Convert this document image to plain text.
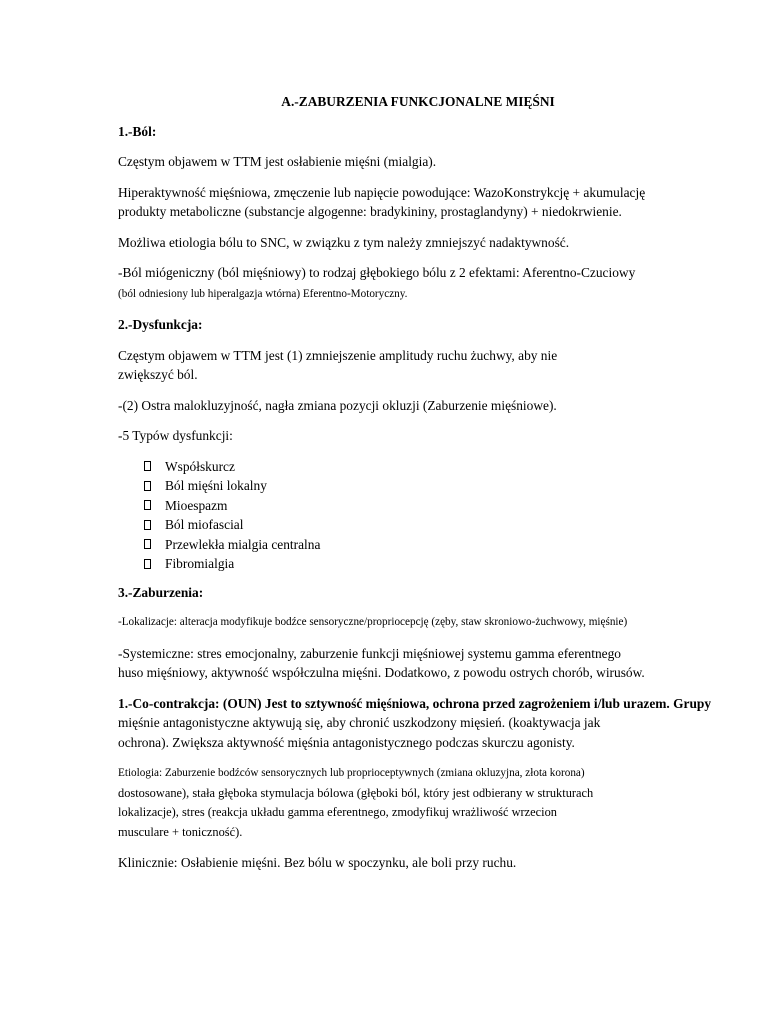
A.-ZABURZENIA FUNKCJONALNE MIĘŚNI
1.-Ból:

Częstym objawem w TTM jest osłabienie mięśni (mialgia).

Hiperaktywność mięśniowa, zmęczenie lub napięcie powodujące: WazoKonstrykcję + akumulację
produkty metaboliczne (substancje algogenne: bradykininy, prostaglandyny) + niedokrwienie.

Możliwa etiologia bólu to SNC, w związku z tym należy zmniejszyć nadaktywność.

-Ból miógeniczny (ból mięśniowy) to rodzaj głębokiego bólu z 2 efektami: Aferentno-Czuciowy
(ból odniesiony lub hiperalgazja wtórna) Eferentno-Motoryczny.

2.-Dysfunkcja:

Częstym objawem w TTM jest (1) zmniejszenie amplitudy ruchu żuchwy, aby nie
zwiększyć ból.

-(2) Ostra malokluzyjność, nagła zmiana pozycji okluzji (Zaburzenie mięśniowe).

-5 Typów dysfunkcji:

Współskurcz
Ból mięśni lokalny
Mioespazm
Ból miofascial
Przewlekła mialgia centralna
Fibromialgia
3.-Zaburzenia:

-Lokalizacje: alteracja modyfikuje bodźce sensoryczne/propriocepcję (zęby, staw skroniowo-żuchwowy, mięśnie)

-Systemiczne: stres emocjonalny, zaburzenie funkcji mięśniowej systemu gamma eferentnego
huso mięśniowy, aktywność współczulna mięśni. Dodatkowo, z powodu ostrych chorób, wirusów.

1.-Co-contrakcja: (OUN) Jest to sztywność mięśniowa, ochrona przed zagrożeniem i/lub urazem. Grupy
mięśnie antagonistyczne aktywują się, aby chronić uszkodzony mięsień. (koaktywacja jak
ochrona). Zwiększa aktywność mięśnia antagonistycznego podczas skurczu agonisty.

Etiologia: Zaburzenie bodźców sensorycznych lub proprioceptywnych (zmiana okluzyjna, złota korona)
dostosowane), stała głęboka stymulacja bólowa (głęboki ból, który jest odbierany w strukturach
lokalizacje), stres (reakcja układu gamma eferentnego, zmodyfikuj wrażliwość wrzecion
musculare + toniczność).

Klinicznie: Osłabienie mięśni. Bez bólu w spoczynku, ale boli przy ruchu.
